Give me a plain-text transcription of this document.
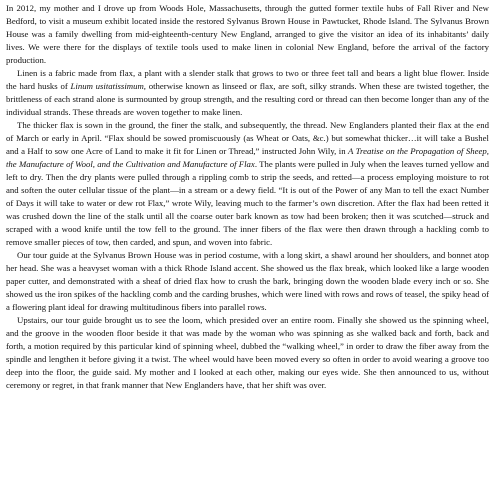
In 2012, my mother and I drove up from Woods Hole, Massachusetts, through the gutted former textile hubs of Fall River and New Bedford, to visit a museum exhibit located inside the restored Sylvanus Brown House in Pawtucket, Rhode Island. The Sylvanus Brown House was a family dwelling from mid-eighteenth-century New England, arranged to give the visitor an idea of its inhabitants’ daily lives. We were there for the displays of textile tools used to make linen in colonial New England, before the arrival of the factory production.

Linen is a fabric made from flax, a plant with a slender stalk that grows to two or three feet tall and bears a light blue flower. Inside the hard husks of Linum usitatissimum, otherwise known as linseed or flax, are soft, silky strands. When these are twisted together, the brittleness of each strand alone is surmounted by group strength, and the resulting cord or thread can then become longer than any of the individual strands. These threads are woven together to make linen.

The thicker flax is sown in the ground, the finer the stalk, and subsequently, the thread. New Englanders planted their flax at the end of March or early in April. “Flax should be sowed promiscuously (as Wheat or Oats, &c.) but somewhat thicker…it will take a Bushel and a Half to sow one Acre of Land to make it fit for Linen or Thread,” instructed John Wily, in A Treatise on the Propagation of Sheep, the Manufacture of Wool, and the Cultivation and Manufacture of Flax. The plants were pulled in July when the leaves turned yellow and left to dry. Then the dry plants were pulled through a rippling comb to strip the seeds, and retted—a process employing moisture to rot and soften the outer cellular tissue of the plant—in a stream or a dewy field. “It is out of the Power of any Man to tell the exact Number of Days it will take to water or dew rot Flax,” wrote Wily, leaving much to the farmer’s own discretion. After the flax had been retted it was crushed down the line of the stalk until all the coarse outer bark known as tow had been broken; then it was scutched—struck and scraped with a wood knife until the tow fell to the ground. The inner fibers of the flax were then drawn through a hackling comb to remove smaller pieces of tow, then carded, and spun, and woven into fabric.

Our tour guide at the Sylvanus Brown House was in period costume, with a long skirt, a shawl around her shoulders, and bonnet atop her head. She was a heavyset woman with a thick Rhode Island accent. She showed us the flax break, which looked like a large wooden paper cutter, and demonstrated with a sheaf of dried flax how to crush the bark, bringing down the wooden blade every inch or so. She showed us the iron spikes of the hackling comb and the carding brushes, which were lined with rows and rows of teasel, the spiky head of a flowering plant ideal for drawing multitudinous fibers into parallel rows.

Upstairs, our tour guide brought us to see the loom, which presided over an entire room. Finally she showed us the spinning wheel, and the groove in the wooden floor beside it that was made by the woman who was spinning as she walked back and forth, back and forth, a motion required by this particular kind of spinning wheel, dubbed the “walking wheel,” in order to draw the fiber away from the spindle and lengthen it before giving it a twist. The wheel would have been moved every so often in order to avoid wearing a groove too deep into the floor, the guide said. My mother and I looked at each other, making our eyes wide. She then announced to us, without ceremony or regret, in that frank manner that New Englanders have, that her shift was over.
